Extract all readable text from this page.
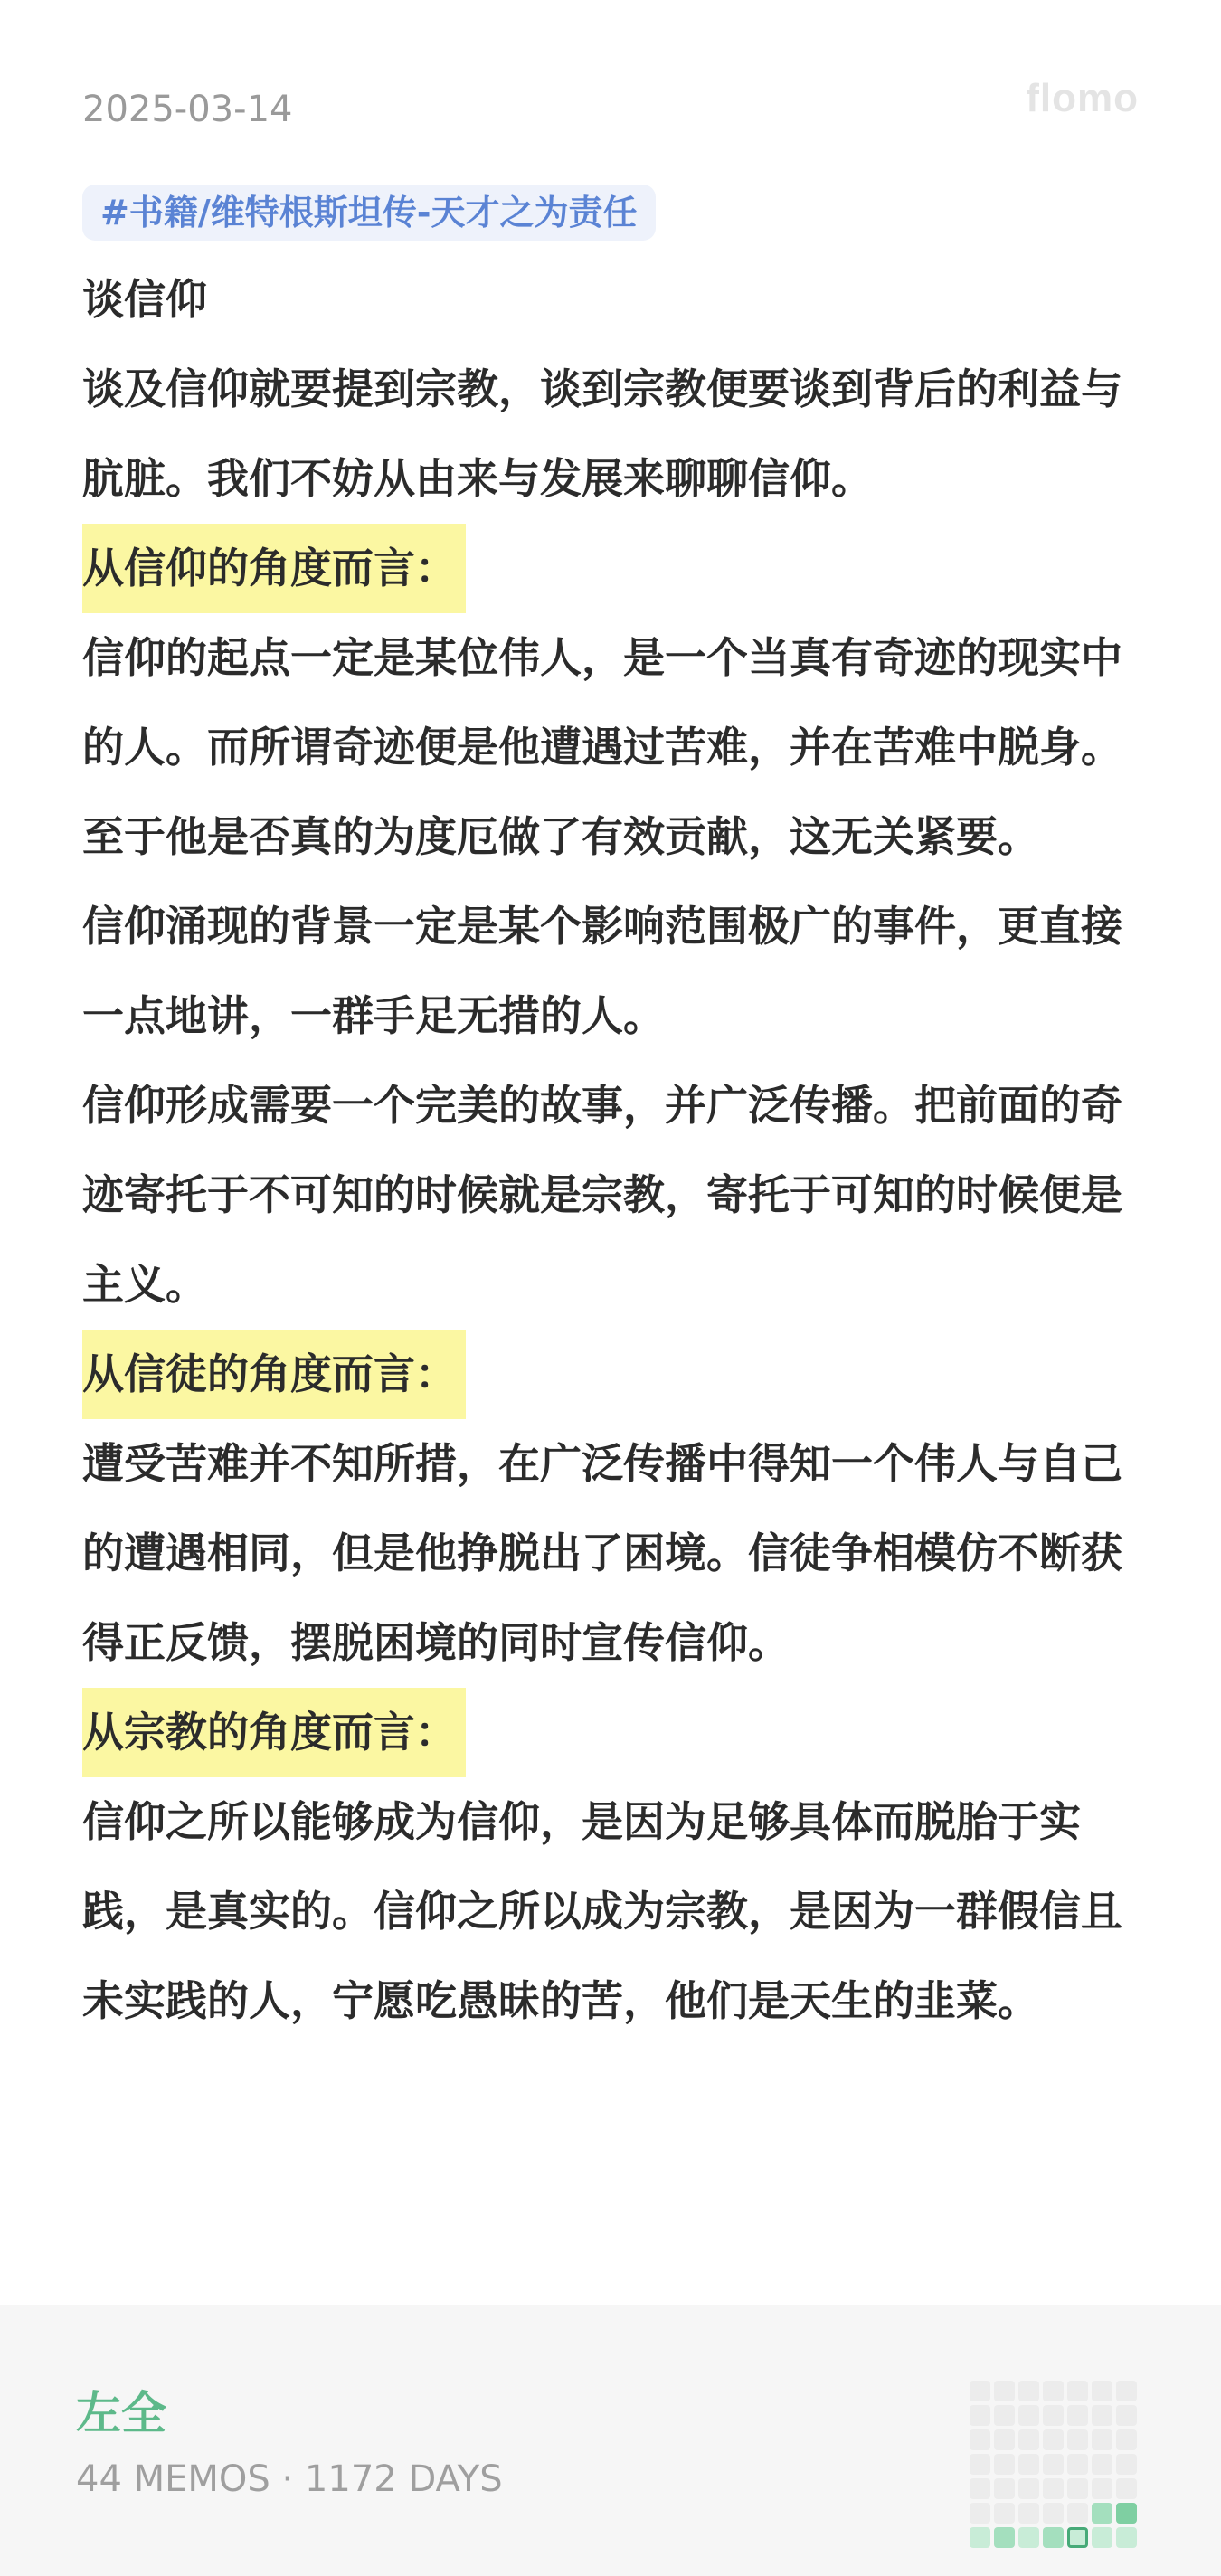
2025-03-14	flomo
#书籍/维特根斯坦传-天才之为责任

谈信仰

谈及信仰就要提到宗教，谈到宗教便要谈到背后的利益与肮脏。我们不妨从由来与发展来聊聊信仰。

从信仰的角度而言：

信仰的起点一定是某位伟人，是一个当真有奇迹的现实中的人。而所谓奇迹便是他遭遇过苦难，并在苦难中脱身。至于他是否真的为度厄做了有效贡献，这无关紧要。

信仰涌现的背景一定是某个影响范围极广的事件，更直接一点地讲，一群手足无措的人。

信仰形成需要一个完美的故事，并广泛传播。把前面的奇迹寄托于不可知的时候就是宗教，寄托于可知的时候便是主义。

从信徒的角度而言：

遭受苦难并不知所措，在广泛传播中得知一个伟人与自己的遭遇相同，但是他挣脱出了困境。信徒争相模仿不断获得正反馈，摆脱困境的同时宣传信仰。

从宗教的角度而言：

信仰之所以能够成为信仰，是因为足够具体而脱胎于实践，是真实的。信仰之所以成为宗教，是因为一群假信且未实践的人，宁愿吃愚昧的苦，他们是天生的韭菜。

左全
44 MEMOS · 1172 DAYS
